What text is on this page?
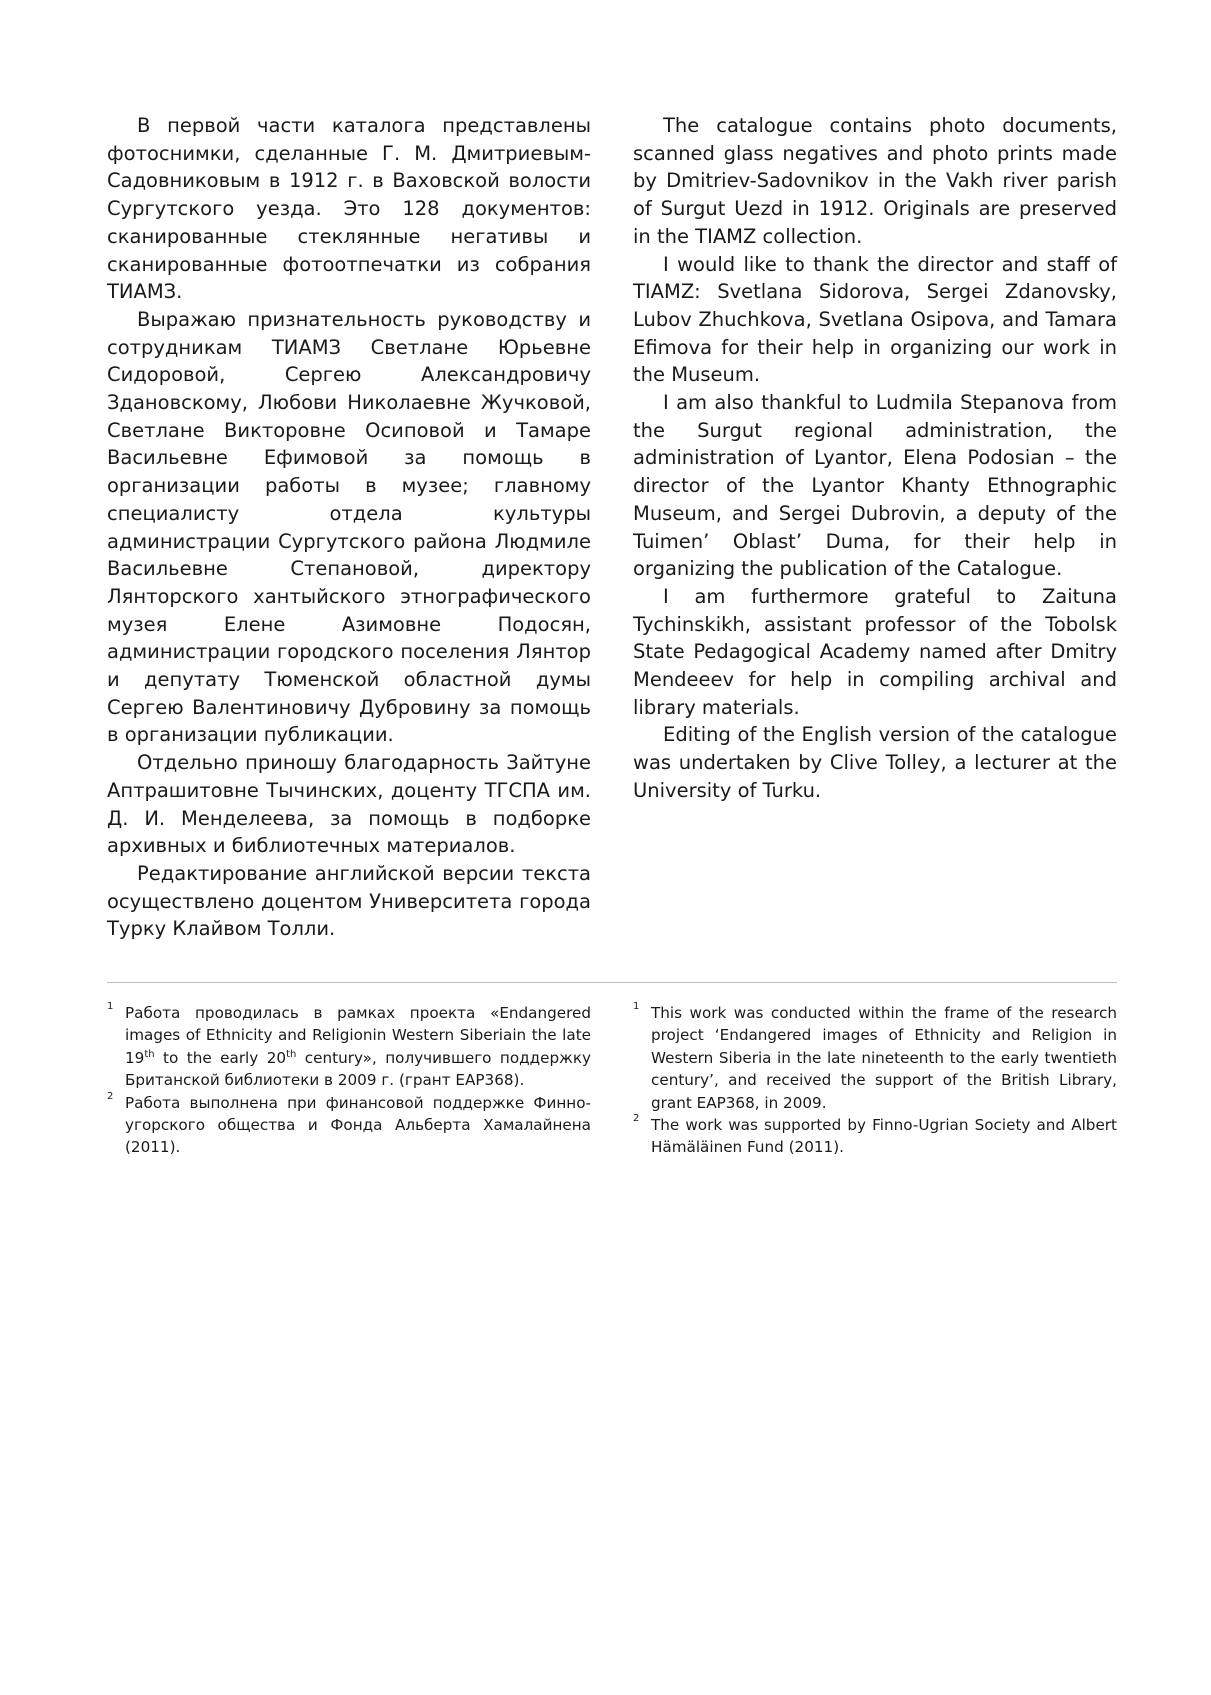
В первой части каталога представлены фотоснимки, сделанные Г. М. Дмитриевым-Садовниковым в 1912 г. в Ваховской волости Сургутского уезда. Это 128 документов: сканированные стеклянные негативы и сканированные фотоотпечатки из собрания ТИАМЗ.

Выражаю признательность руководству и сотрудникам ТИАМЗ Светлане Юрьевне Сидоровой, Сергею Александровичу Здановскому, Любови Николаевне Жучковой, Светлане Викторовне Осиповой и Тамаре Васильевне Ефимовой за помощь в организации работы в музее; главному специалисту отдела культуры администрации Сургутского района Людмиле Васильевне Степановой, директору Лянторского хантыйского этнографического музея Елене Азимовне Подосян, администрации городского поселения Лянтор и депутату Тюменской областной думы Сергею Валентиновичу Дубровину за помощь в организации публикации.

Отдельно приношу благодарность Зайтуне Аптрашитовне Тычинских, доценту ТГСПА им. Д. И. Менделеева, за помощь в подборке архивных и библиотечных материалов.

Редактирование английской версии текста осуществлено доцентом Университета города Турку Клайвом Толли.

The catalogue contains photo documents, scanned glass negatives and photo prints made by Dmitriev-Sadovnikov in the Vakh river parish of Surgut Uezd in 1912. Originals are preserved in the TIAMZ collection.

I would like to thank the director and staff of TIAMZ: Svetlana Sidorova, Sergei Zdanovsky, Lubov Zhuchkova, Svetlana Osipova, and Tamara Efimova for their help in organizing our work in the Museum.

I am also thankful to Ludmila Stepanova from the Surgut regional administration, the administration of Lyantor, Elena Podosian – the director of the Lyantor Khanty Ethnographic Museum, and Sergei Dubrovin, a deputy of the Tuimen’ Oblast’ Duma, for their help in organizing the publication of the Catalogue.

I am furthermore grateful to Zaituna Tychinskikh, assistant professor of the Tobolsk State Pedagogical Academy named after Dmitry Mendeeev for help in compiling archival and library materials.

Editing of the English version of the catalogue was undertaken by Clive Tolley, a lecturer at the University of Turku.

1 Работа проводилась в рамках проекта «Endangered images of Ethnicity and Religionin Western Siberiain the late 19th to the early 20th century», получившего поддержку Британской библиотеки в 2009 г. (грант EAP368).

2 Работа выполнена при финансовой поддержке Финно-угорского общества и Фонда Альберта Хамалайнена (2011).

1 This work was conducted within the frame of the research project ‘Endangered images of Ethnicity and Religion in Western Siberia in the late nineteenth to the early twentieth century’, and received the support of the British Library, grant EAP368, in 2009.

2 The work was supported by Finno-Ugrian Society and Albert Hämäläinen Fund (2011).
